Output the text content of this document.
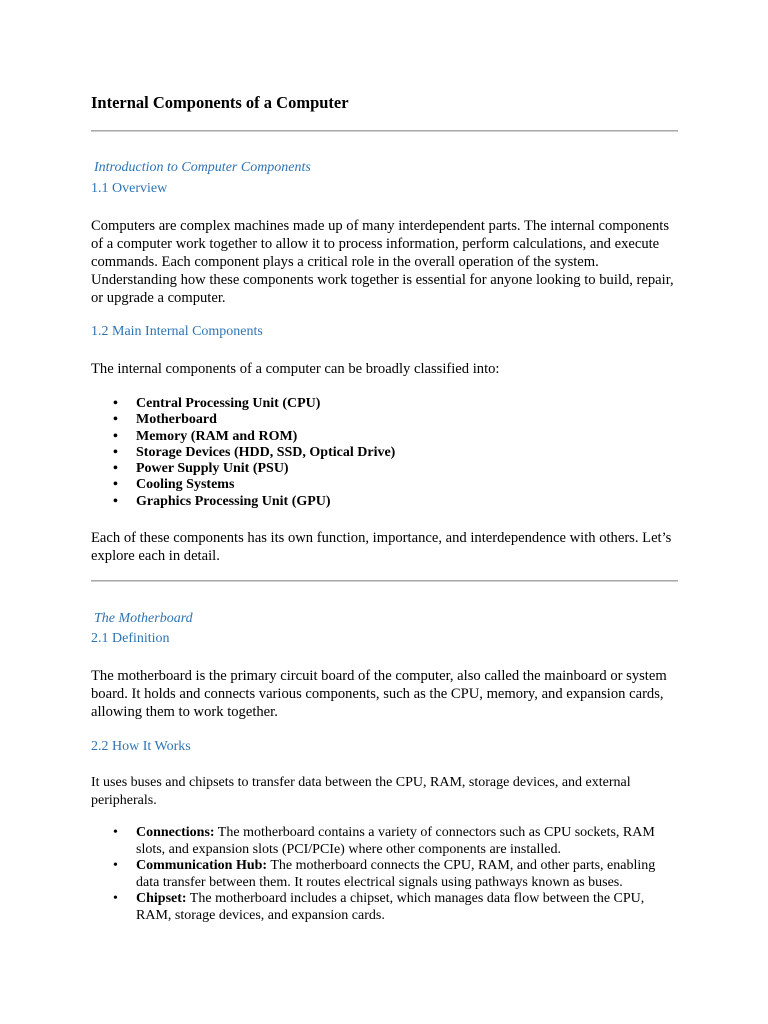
Internal Components of a Computer

Introduction to Computer Components

1.1 Overview

Computers are complex machines made up of many interdependent parts. The internal components of a computer work together to allow it to process information, perform calculations, and execute commands. Each component plays a critical role in the overall operation of the system. Understanding how these components work together is essential for anyone looking to build, repair, or upgrade a computer.

1.2 Main Internal Components

The internal components of a computer can be broadly classified into:

• Central Processing Unit (CPU)
• Motherboard
• Memory (RAM and ROM)
• Storage Devices (HDD, SSD, Optical Drive)
• Power Supply Unit (PSU)
• Cooling Systems
• Graphics Processing Unit (GPU)

Each of these components has its own function, importance, and interdependence with others. Let’s explore each in detail.

The Motherboard

2.1 Definition

The motherboard is the primary circuit board of the computer, also called the mainboard or system board. It holds and connects various components, such as the CPU, memory, and expansion cards, allowing them to work together.

2.2 How It Works

It uses buses and chipsets to transfer data between the CPU, RAM, storage devices, and external peripherals.

• Connections: The motherboard contains a variety of connectors such as CPU sockets, RAM slots, and expansion slots (PCI/PCIe) where other components are installed.
• Communication Hub: The motherboard connects the CPU, RAM, and other parts, enabling data transfer between them. It routes electrical signals using pathways known as buses.
• Chipset: The motherboard includes a chipset, which manages data flow between the CPU, RAM, storage devices, and expansion cards.
